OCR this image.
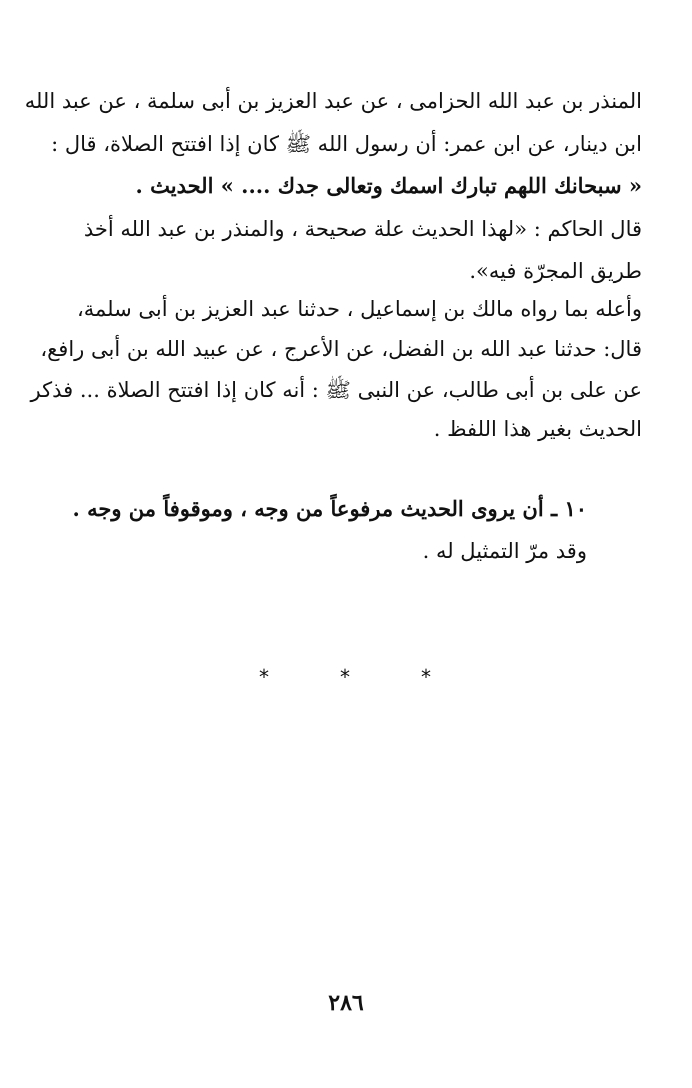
المنذر بن عبد الله الحزامى ، عن عبد العزيز بن أبى سلمة ، عن عبد الله
ابن دينار، عن ابن عمر: أن رسول الله ﷺ كان إذا افتتح الصلاة، قال :
« سبحانك اللهم تبارك اسمك وتعالى جدك .... » الحديث .
قال الحاكم : «لهذا الحديث علة صحيحة ، والمنذر بن عبد الله أخذ
طريق المجرّة فيه».
وأعله بما رواه مالك بن إسماعيل ، حدثنا عبد العزيز بن أبى سلمة،
قال: حدثنا عبد الله بن الفضل، عن الأعرج ، عن عبيد الله بن أبى رافع،
عن على بن أبى طالب، عن النبى ﷺ : أنه كان إذا افتتح الصلاة ... فذكر
الحديث بغير هذا اللفظ .
١٠ ـ أن يروى الحديث مرفوعاً من وجه ، وموقوفاً من وجه .
وقد مرّ التمثيل له .
*	*	*
٢٨٦
